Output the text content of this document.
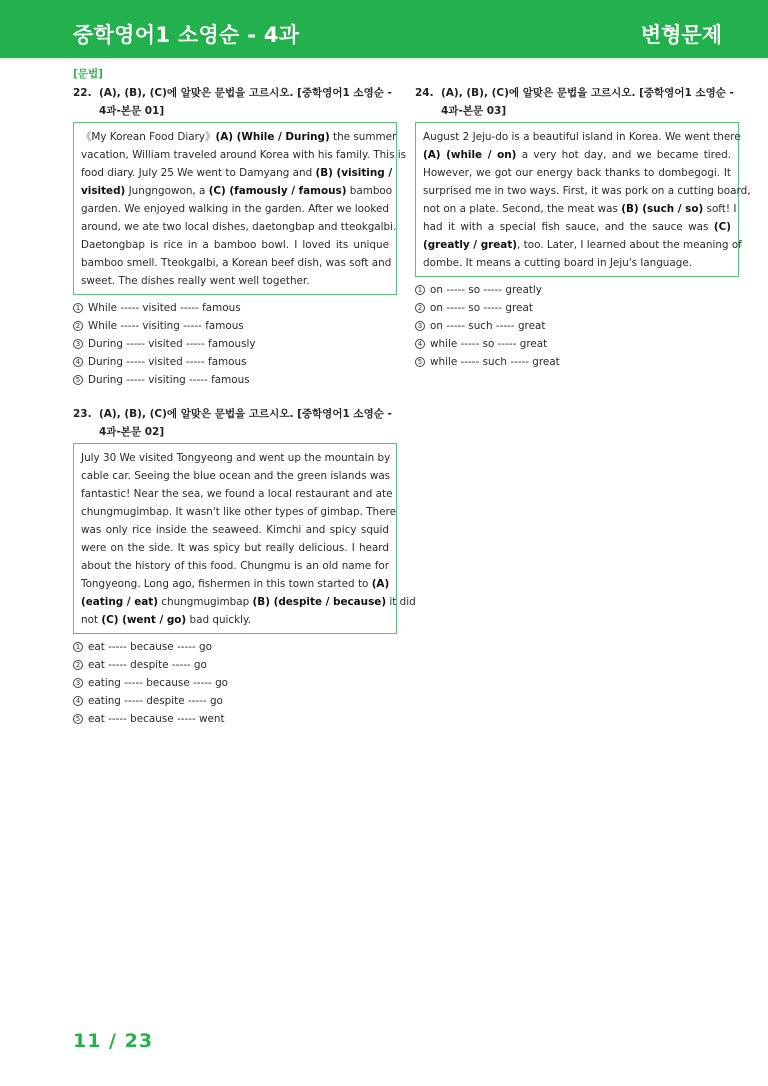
중학영어1 소영순 - 4과	변형문제
[문법]
22. (A), (B), (C)에 알맞은 문법을 고르시오. [중학영어1 소영순 -
4과-본문 01]
《My Korean Food Diary》(A) (While / During) the summer
vacation, William traveled around Korea with his family. This is
food diary. July 25 We went to Damyang and (B) (visiting /
visited) Jungngowon, a (C) (famously / famous) bamboo
garden. We enjoyed walking in the garden. After we looked
around, we ate two local dishes, daetongbap and tteokgalbi.
Daetongbap is rice in a bamboo bowl. I loved its unique
bamboo smell. Tteokgalbi, a Korean beef dish, was soft and
sweet. The dishes really went well together.
1 While ----- visited ----- famous
2 While ----- visiting ----- famous
3 During ----- visited ----- famously
4 During ----- visited ----- famous
5 During ----- visiting ----- famous
23. (A), (B), (C)에 알맞은 문법을 고르시오. [중학영어1 소영순 -
4과-본문 02]
July 30 We visited Tongyeong and went up the mountain by
cable car. Seeing the blue ocean and the green islands was
fantastic! Near the sea, we found a local restaurant and ate
chungmugimbap. It wasn't like other types of gimbap. There
was only rice inside the seaweed. Kimchi and spicy squid
were on the side. It was spicy but really delicious. I heard
about the history of this food. Chungmu is an old name for
Tongyeong. Long ago, fishermen in this town started to (A)
(eating / eat) chungmugimbap (B) (despite / because) it did
not (C) (went / go) bad quickly.
1 eat ----- because ----- go
2 eat ----- despite ----- go
3 eating ----- because ----- go
4 eating ----- despite ----- go
5 eat ----- because ----- went
24. (A), (B), (C)에 알맞은 문법을 고르시오. [중학영어1 소영순 -
4과-본문 03]
August 2 Jeju-do is a beautiful island in Korea. We went there
(A) (while / on) a very hot day, and we became tired.
However, we got our energy back thanks to dombegogi. It
surprised me in two ways. First, it was pork on a cutting board,
not on a plate. Second, the meat was (B) (such / so) soft! I
had it with a special fish sauce, and the sauce was (C)
(greatly / great), too. Later, I learned about the meaning of
dombe. It means a cutting board in Jeju's language.
1 on ----- so ----- greatly
2 on ----- so ----- great
3 on ----- such ----- great
4 while ----- so ----- great
5 while ----- such ----- great
11 / 23
